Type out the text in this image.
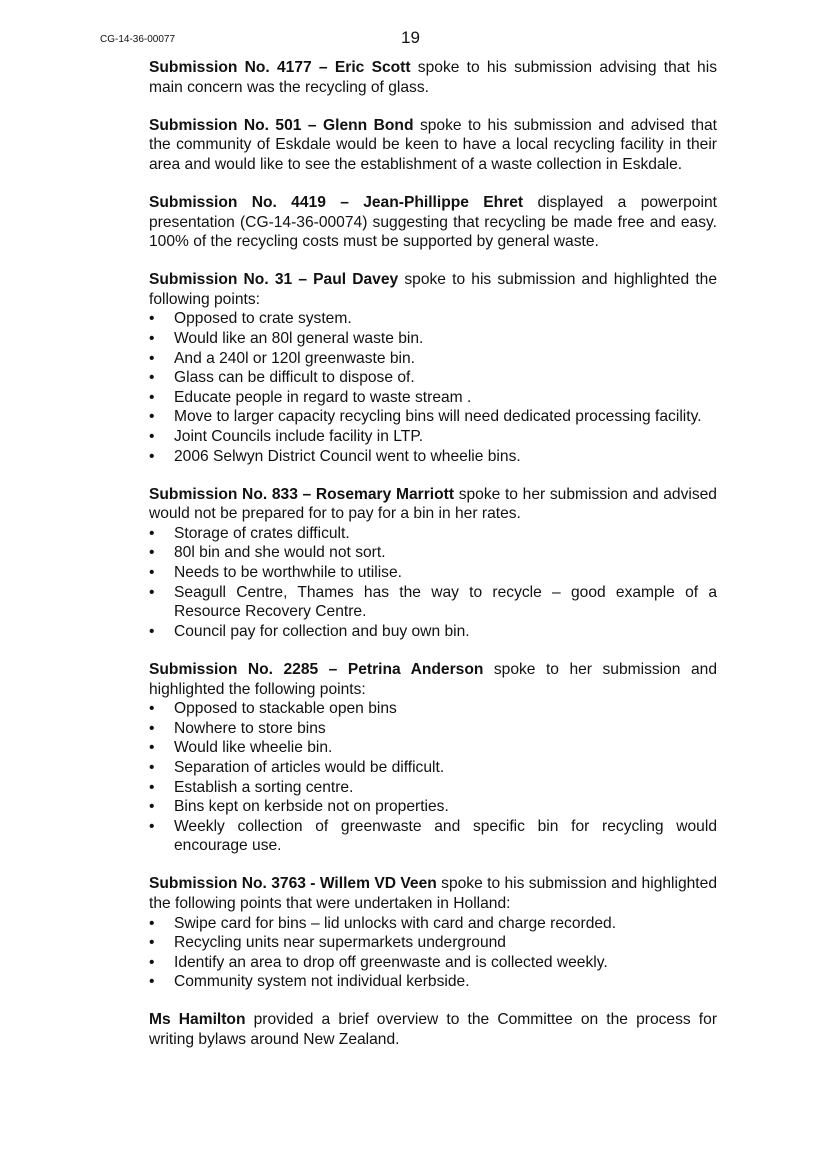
CG-14-36-00077	19

Submission No. 4177 – Eric Scott spoke to his submission advising that his main concern was the recycling of glass.

Submission No. 501 – Glenn Bond spoke to his submission and advised that the community of Eskdale would be keen to have a local recycling facility in their area and would like to see the establishment of a waste collection in Eskdale.

Submission No. 4419 – Jean-Phillippe Ehret displayed a powerpoint presentation (CG-14-36-00074) suggesting that recycling be made free and easy. 100% of the recycling costs must be supported by general waste.

Submission No. 31 – Paul Davey spoke to his submission and highlighted the following points:

• Opposed to crate system.
• Would like an 80l general waste bin.
• And a 240l or 120l greenwaste bin.
• Glass can be difficult to dispose of.
• Educate people in regard to waste stream .
• Move to larger capacity recycling bins will need dedicated processing facility.
• Joint Councils include facility in LTP.
• 2006 Selwyn District Council went to wheelie bins.

Submission No. 833 – Rosemary Marriott spoke to her submission and advised would not be prepared for to pay for a bin in her rates.

• Storage of crates difficult.
• 80l bin and she would not sort.
• Needs to be worthwhile to utilise.
• Seagull Centre, Thames has the way to recycle – good example of a Resource Recovery Centre.
• Council pay for collection and buy own bin.

Submission No. 2285 – Petrina Anderson spoke to her submission and highlighted the following points:

• Opposed to stackable open bins
• Nowhere to store bins
• Would like wheelie bin.
• Separation of articles would be difficult.
• Establish a sorting centre.
• Bins kept on kerbside not on properties.
• Weekly collection of greenwaste and specific bin for recycling would encourage use.

Submission No. 3763 - Willem VD Veen spoke to his submission and highlighted the following points that were undertaken in Holland:

• Swipe card for bins – lid unlocks with card and charge recorded.
• Recycling units near supermarkets underground
• Identify an area to drop off greenwaste and is collected weekly.
• Community system not individual kerbside.

Ms Hamilton provided a brief overview to the Committee on the process for writing bylaws around New Zealand.
